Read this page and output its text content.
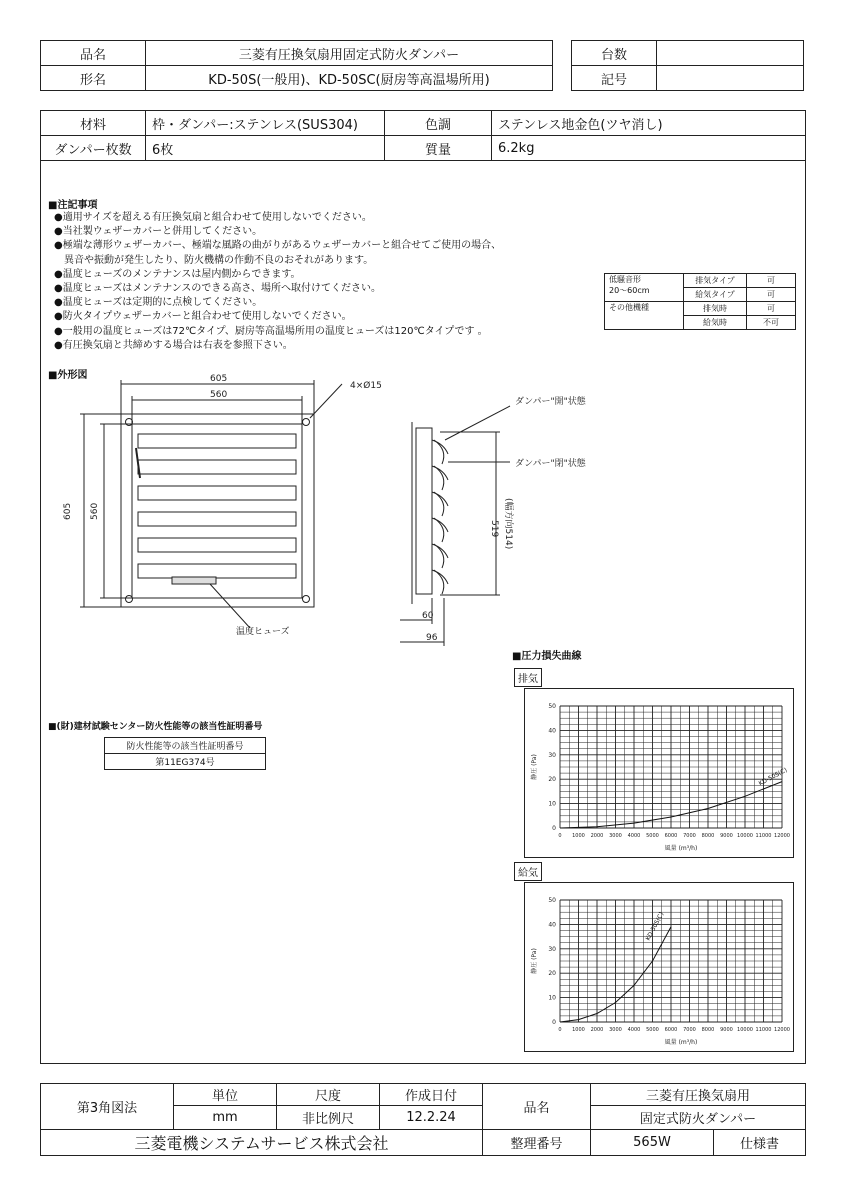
品名	三菱有圧換気扇用固定式防火ダンパー
形名	KD-50S(一般用)、KD-50SC(厨房等高温場所用)
台数	
記号	
材料	枠・ダンパー:ステンレス(SUS304)	色調	ステンレス地金色(ツヤ消し)
ダンパー枚数	6枚	質量	6.2kg
■注記事項
●適用サイズを超える有圧換気扇と組合わせて使用しないでください。
●当社製ウェザーカバーと併用してください。
●極端な薄形ウェザーカバー、極端な風路の曲がりがあるウェザーカバーと組合せてご使用の場合、
　異音や振動が発生したり、防火機構の作動不良のおそれがあります。
●温度ヒューズのメンテナンスは屋内側からできます。
●温度ヒューズはメンテナンスのできる高さ、場所へ取付けてください。
●温度ヒューズは定期的に点検してください。
●防火タイプウェザーカバーと組合わせて使用しないでください。
●一般用の温度ヒューズは72℃タイプ、厨房等高温場所用の温度ヒューズは120℃タイプです 。
●有圧換気扇と共締めする場合は右表を参照下さい。
低騒音形
20～60cm	排気タイプ	可
	給気タイプ	可
その他機種	排気時	可
	給気時	不可
■外形図	605
560
4×Ø15
605 560
温度ヒューズ
ダンパー"開"状態
ダンパー"閉"状態
519 (幅方向514)
60
96
■(財)建材試験センター防火性能等の該当性証明番号
防火性能等の該当性証明番号
第11EG374号
■圧力損失曲線
排気
給気
0 1000 2000 3000 4000 5000 6000 7000 8000 9000 10000 11000 12000
0
10
20
30
40
50
風量 (m³/h)
静圧 (Pa)	KD-50S(C)
0 1000 2000 3000 4000 5000 6000 7000 8000 9000 10000 11000 12000
0
10
20
30
40
50
風量 (m³/h)
静圧 (Pa)
KD-50S(C)
第3角図法	単位	尺度	作成日付	品名	三菱有圧換気扇用	
	mm	非比例尺	12.2.24		固定式防火ダンパー	
三菱電機システムサービス株式会社				整理番号	565W	仕様書
